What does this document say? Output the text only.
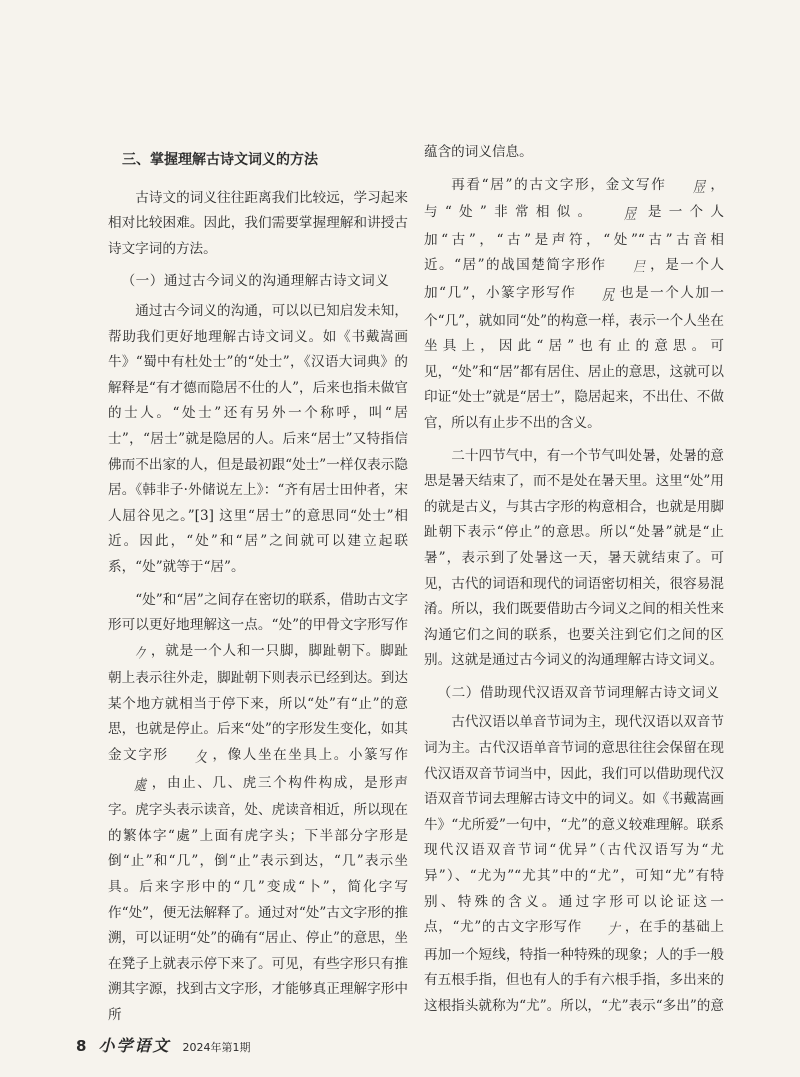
三、掌握理解古诗文词义的方法

古诗文的词义往往距离我们比较远，学习起来相对比较困难。因此，我们需要掌握理解和讲授古诗文字词的方法。

（一）通过古今词义的沟通理解古诗文词义

通过古今词义的沟通，可以以已知启发未知，帮助我们更好地理解古诗文词义。如《书戴嵩画牛》“蜀中有杜处士”的“处士”，《汉语大词典》的解释是“有才德而隐居不仕的人”，后来也指未做官的士人。“处士”还有另外一个称呼，叫“居士”，“居士”就是隐居的人。后来“居士”又特指信佛而不出家的人，但是最初跟“处士”一样仅表示隐居。《韩非子·外储说左上》：“齐有居士田仲者，宋人屈谷见之。”[3] 这里“居士”的意思同“处士”相近。因此，“处”和“居”之间就可以建立起联系，“处”就等于“居”。

“处”和“居”之间存在密切的联系，借助古文字形可以更好地理解这一点。“处”的甲骨文字形写作𠂊 ，就是一个人和一只脚，脚趾朝下。脚趾朝上表示往外走，脚趾朝下则表示已经到达。到达某个地方就相当于停下来，所以“处”有“止”的意思，也就是停止。后来“处”的字形发生变化，如其金文字形 夂 ，像人坐在坐具上。小篆写作處 ，由止、几、虎三个构件构成，是形声字。虎字头表示读音，处、虎读音相近，所以现在的繁体字“處”上面有虎字头；下半部分字形是倒“止”和“几”，倒“止”表示到达，“几”表示坐具。后来字形中的“几”变成“卜”，简化字写作“处”，便无法解释了。通过对“处”古文字形的推溯，可以证明“处”的确有“居止、停止”的意思，坐在凳子上就表示停下来了。可见，有些字形只有推溯其字源，找到古文字形，才能够真正理解字形中所

蕴含的词义信息。

再看“居”的古文字形，金文写作 㞐 ，与“处”非常相似。 㞐 是一个人加“古”，“古”是声符，“处”“古”古音相近。“居”的战国楚简字形作 𡰥 ，是一个人加“几”，小篆字形写作 尻 也是一个人加一个“几”，就如同“处”的构意一样，表示一个人坐在坐具上，因此“居”也有止的意思。可见，“处”和“居”都有居住、居止的意思，这就可以印证“处士”就是“居士”，隐居起来，不出仕、不做官，所以有止步不出的含义。

二十四节气中，有一个节气叫处暑，处暑的意思是暑天结束了，而不是处在暑天里。这里“处”用的就是古义，与其古字形的构意相合，也就是用脚趾朝下表示“停止”的意思。所以“处暑”就是“止暑”，表示到了处暑这一天，暑天就结束了。可见，古代的词语和现代的词语密切相关，很容易混淆。所以，我们既要借助古今词义之间的相关性来沟通它们之间的联系，也要关注到它们之间的区别。这就是通过古今词义的沟通理解古诗文词义。

（二）借助现代汉语双音节词理解古诗文词义

古代汉语以单音节词为主，现代汉语以双音节词为主。古代汉语单音节词的意思往往会保留在现代汉语双音节词当中，因此，我们可以借助现代汉语双音节词去理解古诗文中的词义。如《书戴嵩画牛》“尤所爱”一句中，“尤”的意义较难理解。联系现代汉语双音节词“优异”（古代汉语写为“尤异”）、“尤为”“尤其”中的“尤”，可知“尤”有特别、特殊的含义。通过字形可以论证这一点，“尤”的古文字形写作 𠂇 ，在手的基础上再加一个短线，特指一种特殊的现象；人的手一般有五根手指，但也有人的手有六根手指，多出来的这根指头就称为“尤”。所以，“尤”表示“多出”的意

8 小学语文 2024年第1期
